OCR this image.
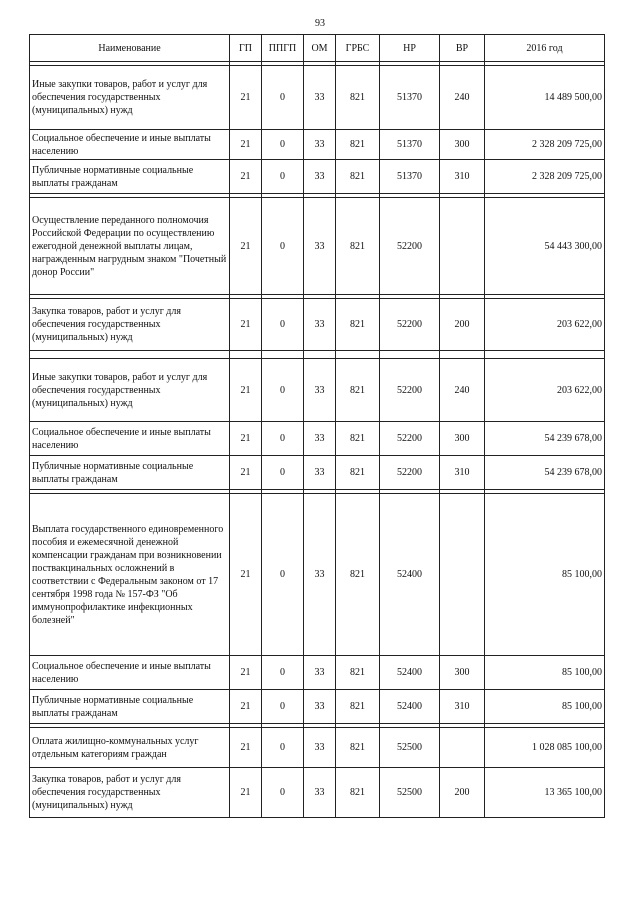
93
Наименование	ГП	ППГП	ОМ	ГРБС	НР	ВР	2016 год

Иные закупки товаров, работ и услуг для обеспечения государственных (муниципальных) нужд	21	0	33	821	51370	240	14 489 500,00
Социальное обеспечение и иные выплаты населению	21	0	33	821	51370	300	2 328 209 725,00
Публичные нормативные социальные выплаты гражданам	21	0	33	821	51370	310	2 328 209 725,00

Осуществление переданного полномочия Российской Федерации по осуществлению ежегодной денежной выплаты лицам, награжденным нагрудным знаком "Почетный донор России"	21	0	33	821	52200		54 443 300,00

Закупка товаров, работ и услуг для обеспечения государственных (муниципальных) нужд	21	0	33	821	52200	200	203 622,00

Иные закупки товаров, работ и услуг для обеспечения государственных (муниципальных) нужд	21	0	33	821	52200	240	203 622,00
Социальное обеспечение и иные выплаты населению	21	0	33	821	52200	300	54 239 678,00
Публичные нормативные социальные выплаты гражданам	21	0	33	821	52200	310	54 239 678,00

Выплата государственного единовременного пособия и ежемесячной денежной компенсации гражданам при возникновении поствакцинальных осложнений в соответствии с Федеральным законом от 17 сентября 1998 года № 157-ФЗ "Об иммунопрофилактике инфекционных болезней"	21	0	33	821	52400		85 100,00
Социальное обеспечение и иные выплаты населению	21	0	33	821	52400	300	85 100,00
Публичные нормативные социальные выплаты гражданам	21	0	33	821	52400	310	85 100,00

Оплата жилищно-коммунальных услуг отдельным категориям граждан	21	0	33	821	52500		1 028 085 100,00
Закупка товаров, работ и услуг для обеспечения государственных (муниципальных) нужд	21	0	33	821	52500	200	13 365 100,00
